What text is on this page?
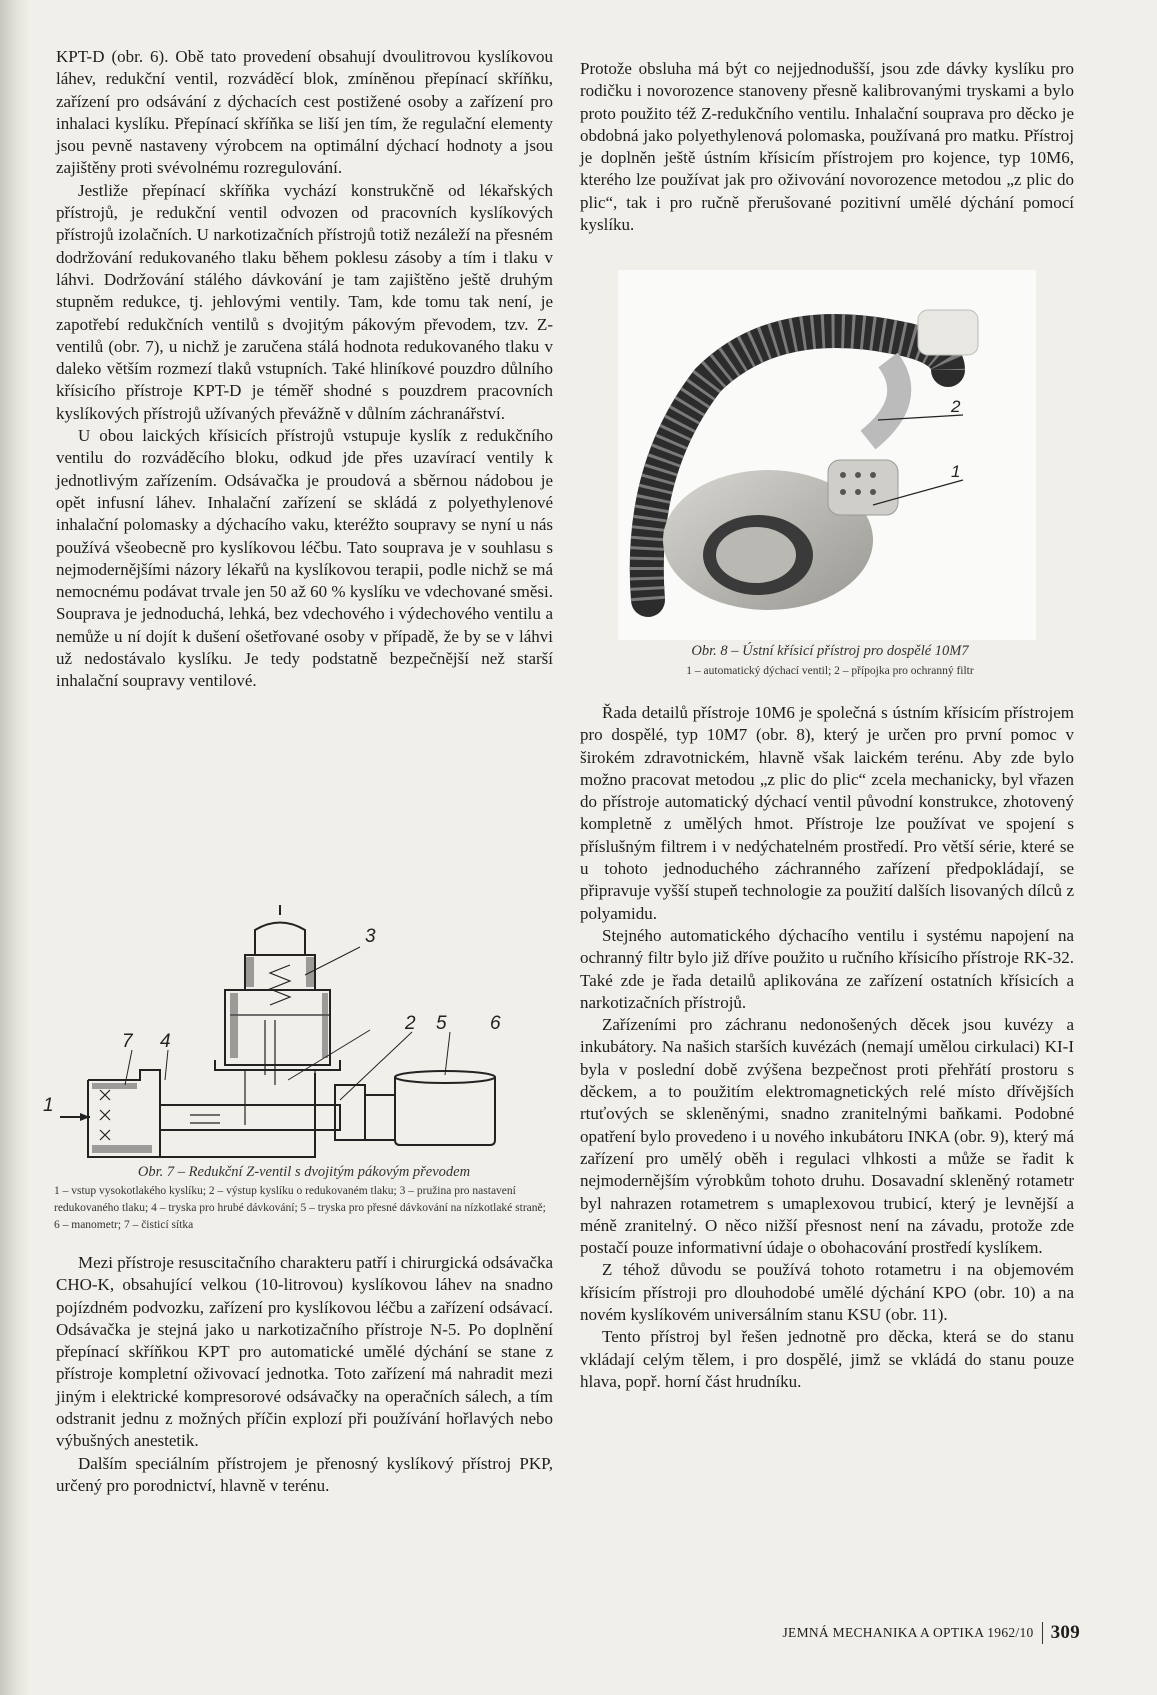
KPT-D (obr. 6). Obě tato provedení obsahují dvoulitrovou kyslíkovou láhev, redukční ventil, rozváděcí blok, zmíněnou přepínací skříňku, zařízení pro odsávání z dýchacích cest postižené osoby a zařízení pro inhalaci kyslíku. Přepínací skříňka se liší jen tím, že regulační elementy jsou pevně nastaveny výrobcem na optimální dýchací hodnoty a jsou zajištěny proti svévolnému rozregulování.

Jestliže přepínací skříňka vychází konstrukčně od lékařských přístrojů, je redukční ventil odvozen od pracovních kyslíkových přístrojů izolačních. U narkotizačních přístrojů totiž nezáleží na přesném dodržování redukovaného tlaku během poklesu zásoby a tím i tlaku v láhvi. Dodržování stálého dávkování je tam zajištěno ještě druhým stupněm redukce, tj. jehlovými ventily. Tam, kde tomu tak není, je zapotřebí redukčních ventilů s dvojitým pákovým převodem, tzv. Z-ventilů (obr. 7), u nichž je zaručena stálá hodnota redukovaného tlaku v daleko větším rozmezí tlaků vstupních. Také hliníkové pouzdro důlního křísicího přístroje KPT-D je téměř shodné s pouzdrem pracovních kyslíkových přístrojů užívaných převážně v důlním záchranářství.

U obou laických křísicích přístrojů vstupuje kyslík z redukčního ventilu do rozváděcího bloku, odkud jde přes uzavírací ventily k jednotlivým zařízením. Odsávačka je proudová a sběrnou nádobou je opět infusní láhev. Inhalační zařízení se skládá z polyethylenové inhalační polomasky a dýchacího vaku, kteréžto soupravy se nyní u nás používá všeobecně pro kyslíkovou léčbu. Tato souprava je v souhlasu s nejmodernějšími názory lékařů na kyslíkovou terapii, podle nichž se má nemocnému podávat trvale jen 50 až 60 % kyslíku ve vdechované směsi. Souprava je jednoduchá, lehká, bez vdechového i výdechového ventilu a nemůže u ní dojít k dušení ošetřované osoby v případě, že by se v láhvi už nedostávalo kyslíku. Je tedy podstatně bezpečnější než starší inhalační soupravy ventilové.

1
2
3
4
5 6
7
Obr. 7 – Redukční Z-ventil s dvojitým pákovým převodem
1 – vstup vysokotlakého kyslíku; 2 – výstup kyslíku o redukovaném tlaku; 3 – pružina pro nastavení redukovaného tlaku; 4 – tryska pro hrubé dávkování; 5 – tryska pro přesné dávkování na nízkotlaké straně; 6 – manometr; 7 – čisticí sítka

Mezi přístroje resuscitačního charakteru patří i chirurgická odsávačka CHO-K, obsahující velkou (10-litrovou) kyslíkovou láhev na snadno pojízdném podvozku, zařízení pro kyslíkovou léčbu a zařízení odsávací. Odsávačka je stejná jako u narkotizačního přístroje N-5. Po doplnění přepínací skříňkou KPT pro automatické umělé dýchání se stane z přístroje kompletní oživovací jednotka. Toto zařízení má nahradit mezi jiným i elektrické kompresorové odsávačky na operačních sálech, a tím odstranit jednu z možných příčin explozí při používání hořlavých nebo výbušných anestetik.

Dalším speciálním přístrojem je přenosný kyslíkový přístroj PKP, určený pro porodnictví, hlavně v terénu.

Protože obsluha má být co nejjednodušší, jsou zde dávky kyslíku pro rodičku i novorozence stanoveny přesně kalibrovanými tryskami a bylo proto použito též Z-redukčního ventilu. Inhalační souprava pro děcko je obdobná jako polyethylenová polomaska, používaná pro matku. Přístroj je doplněn ještě ústním křísicím přístrojem pro kojence, typ 10M6, kterého lze používat jak pro oživování novorozence metodou „z plic do plic“, tak i pro ručně přerušované pozitivní umělé dýchání pomocí kyslíku.

2
1
Obr. 8 – Ústní křísicí přístroj pro dospělé 10M7
1 – automatický dýchací ventil; 2 – přípojka pro ochranný filtr

Řada detailů přístroje 10M6 je společná s ústním křísicím přístrojem pro dospělé, typ 10M7 (obr. 8), který je určen pro první pomoc v širokém zdravotnickém, hlavně však laickém terénu. Aby zde bylo možno pracovat metodou „z plic do plic“ zcela mechanicky, byl vřazen do přístroje automatický dýchací ventil původní konstrukce, zhotovený kompletně z umělých hmot. Přístroje lze používat ve spojení s příslušným filtrem i v nedýchatelném prostředí. Pro větší série, které se u tohoto jednoduchého záchranného zařízení předpokládají, se připravuje vyšší stupeň technologie za použití dalších lisovaných dílců z polyamidu.

Stejného automatického dýchacího ventilu i systému napojení na ochranný filtr bylo již dříve použito u ručního křísicího přístroje RK-32. Také zde je řada detailů aplikována ze zařízení ostatních křísicích a narkotizačních přístrojů.

Zařízeními pro záchranu nedonošených děcek jsou kuvézy a inkubátory. Na našich starších kuvézách (nemají umělou cirkulaci) KI-I byla v poslední době zvýšena bezpečnost proti přehřátí prostoru s děckem, a to použitím elektromagnetických relé místo dřívějších rtuťových se skleněnými, snadno zranitelnými baňkami. Podobné opatření bylo provedeno i u nového inkubátoru INKA (obr. 9), který má zařízení pro umělý oběh i regulaci vlhkosti a může se řadit k nejmodernějším výrobkům tohoto druhu. Dosavadní skleněný rotametr byl nahrazen rotametrem s umaplexovou trubicí, který je levnější a méně zranitelný. O něco nižší přesnost není na závadu, protože zde postačí pouze informativní údaje o obohacování prostředí kyslíkem.

Z téhož důvodu se používá tohoto rotametru i na objemovém křísicím přístroji pro dlouhodobé umělé dýchání KPO (obr. 10) a na novém kyslíkovém universálním stanu KSU (obr. 11).

Tento přístroj byl řešen jednotně pro děcka, která se do stanu vkládají celým tělem, i pro dospělé, jimž se vkládá do stanu pouze hlava, popř. horní část hrudníku.

JEMNÁ MECHANIKA A OPTIKA 1962/10 309
